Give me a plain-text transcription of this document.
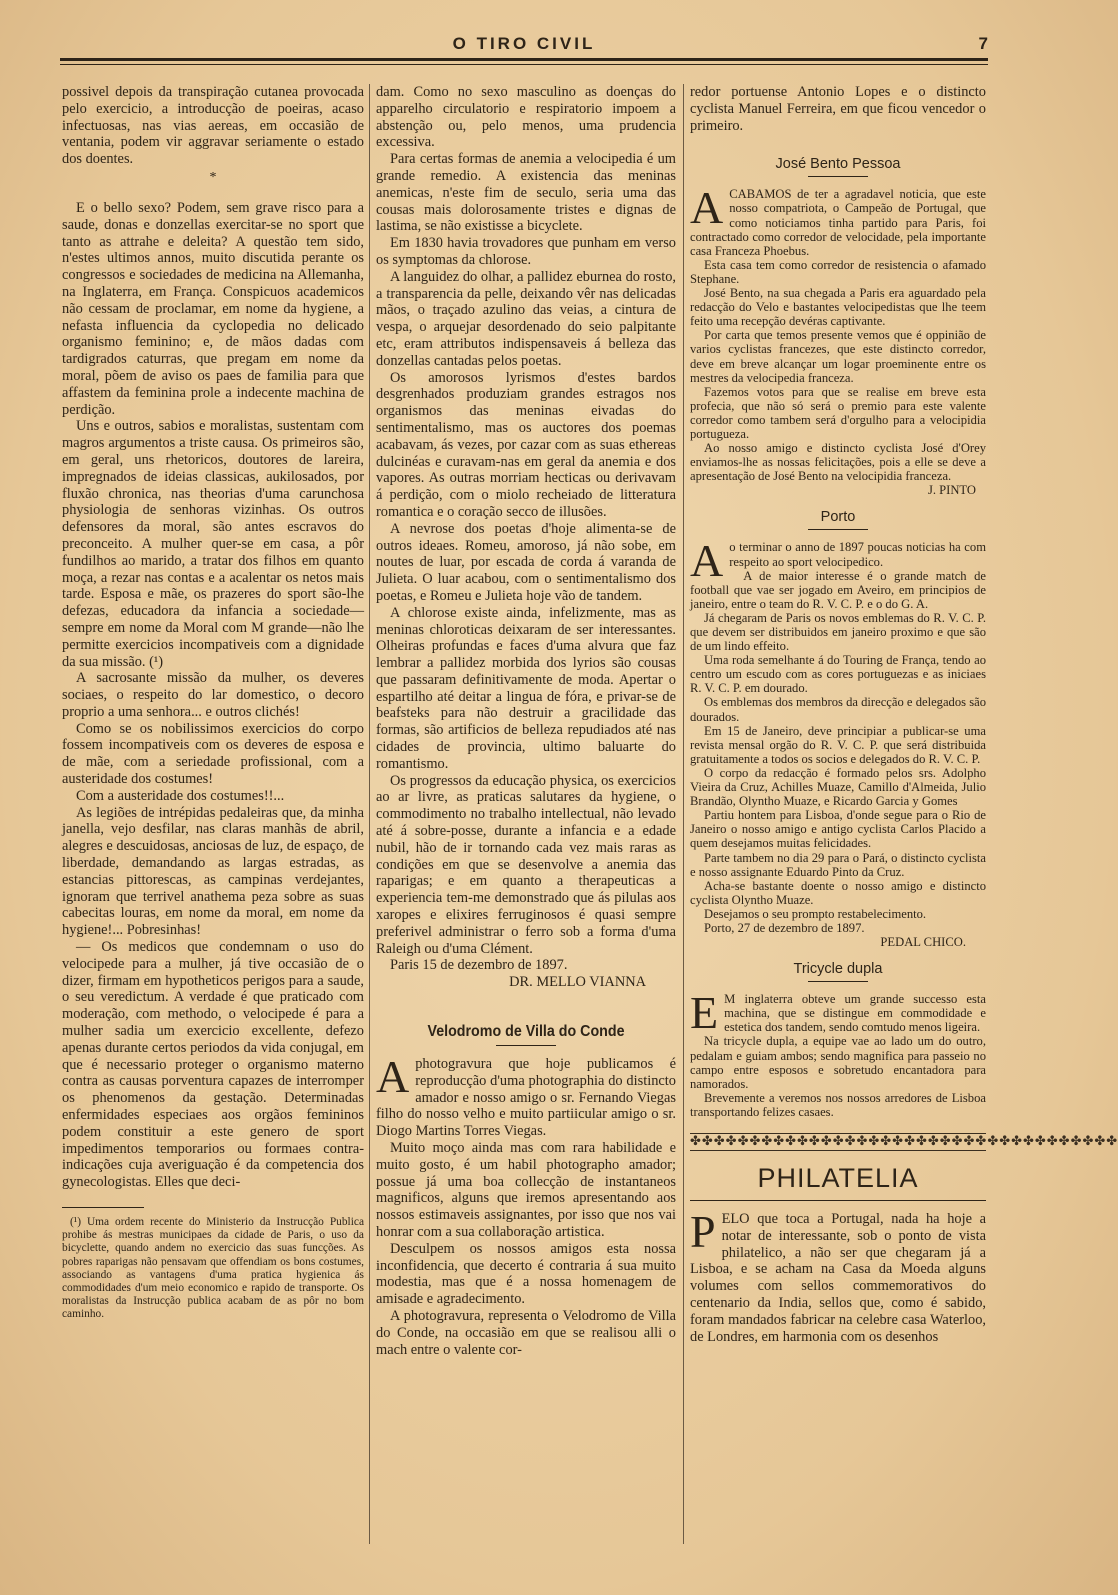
O TIRO CIVIL	7

possivel depois da transpiração cutanea provocada pelo exercicio, a introducção de poeiras, acaso infectuosas, nas vias aereas, em occasião de ventania, podem vir aggravar seriamente o estado dos doentes.

*

E o bello sexo? Podem, sem grave risco para a saude, donas e donzellas exercitar-se no sport que tanto as attrahe e deleita? A questão tem sido, n'estes ultimos annos, muito discutida perante os congressos e sociedades de medicina na Allemanha, na Inglaterra, em França. Conspicuos academicos não cessam de proclamar, em nome da hygiene, a nefasta influencia da cyclopedia no delicado organismo feminino; e, de mãos dadas com tardigrados caturras, que pregam em nome da moral, põem de aviso os paes de familia para que affastem da feminina prole a indecente machina de perdição.

Uns e outros, sabios e moralistas, sustentam com magros argumentos a triste causa. Os primeiros são, em geral, uns rhetoricos, doutores de lareira, impregnados de ideias classicas, aukilosados, por fluxão chronica, nas theorias d'uma carunchosa physiologia de senhoras vizinhas. Os outros defensores da moral, são antes escravos do preconceito. A mulher quer-se em casa, a pôr fundilhos ao marido, a tratar dos filhos em quanto moça, a rezar nas contas e a acalentar os netos mais tarde. Esposa e mãe, os prazeres do sport são-lhe defezas, educadora da infancia a sociedade—sempre em nome da Moral com M grande—não lhe permitte exercicios incompativeis com a dignidade da sua missão. (¹)

A sacrosante missão da mulher, os deveres sociaes, o respeito do lar domestico, o decoro proprio a uma senhora... e outros clichés!

Como se os nobilissimos exercicios do corpo fossem incompativeis com os deveres de esposa e de mãe, com a seriedade profissional, com a austeridade dos costumes!

Com a austeridade dos costumes!!...

As legiões de intrépidas pedaleiras que, da minha janella, vejo desfilar, nas claras manhãs de abril, alegres e descuidosas, anciosas de luz, de espaço, de liberdade, demandando as largas estradas, as estancias pittorescas, as campinas verdejantes, ignoram que terrivel anathema peza sobre as suas cabecitas louras, em nome da moral, em nome da hygiene!... Pobresinhas!

— Os medicos que condemnam o uso do velocipede para a mulher, já tive occasião de o dizer, firmam em hypotheticos perigos para a saude, o seu veredictum. A verdade é que praticado com moderação, com methodo, o velocipede é para a mulher sadia um exercicio excellente, defezo apenas durante certos periodos da vida conjugal, em que é necessario proteger o organismo materno contra as causas porventura capazes de interromper os phenomenos da gestação. Determinadas enfermidades especiaes aos orgãos femininos podem constituir a este genero de sport impedimentos temporarios ou formaes contra-indicações cuja averiguação é da competencia dos gynecologistas. Elles que deci-

(¹) Uma ordem recente do Ministerio da Instrucção Publica prohibe ás mestras municipaes da cidade de Paris, o uso da bicyclette, quando andem no exercicio das suas funcções. As pobres raparigas não pensavam que offendiam os bons costumes, associando as vantagens d'uma pratica hygienica ás commodidades d'um meio economico e rapido de transporte. Os moralistas da Instrucção publica acabam de as pôr no bom caminho.

dam. Como no sexo masculino as doenças do apparelho circulatorio e respiratorio impoem a abstenção ou, pelo menos, uma prudencia excessiva.

Para certas formas de anemia a velocipedia é um grande remedio. A existencia das meninas anemicas, n'este fim de seculo, seria uma das cousas mais dolorosamente tristes e dignas de lastima, se não existisse a bicyclete.

Em 1830 havia trovadores que punham em verso os symptomas da chlorose.

A languidez do olhar, a pallidez eburnea do rosto, a transparencia da pelle, deixando vêr nas delicadas mãos, o traçado azulino das veias, a cintura de vespa, o arquejar desordenado do seio palpitante etc, eram attributos indispensaveis á belleza das donzellas cantadas pelos poetas.

Os amorosos lyrismos d'estes bardos desgrenhados produziam grandes estragos nos organismos das meninas eivadas do sentimentalismo, mas os auctores dos poemas acabavam, ás vezes, por cazar com as suas ethereas dulcinéas e curavam-nas em geral da anemia e dos vapores. As outras morriam hecticas ou derivavam á perdição, com o miolo recheiado de litteratura romantica e o coração secco de illusões.

A nevrose dos poetas d'hoje alimenta-se de outros ideaes. Romeu, amoroso, já não sobe, em noutes de luar, por escada de corda á varanda de Julieta. O luar acabou, com o sentimentalismo dos poetas, e Romeu e Julieta hoje vão de tandem.

A chlorose existe ainda, infelizmente, mas as meninas chloroticas deixaram de ser interessantes. Olheiras profundas e faces d'uma alvura que faz lembrar a pallidez morbida dos lyrios são cousas que passaram definitivamente de moda. Apertar o espartilho até deitar a lingua de fóra, e privar-se de beafsteks para não destruir a gracilidade das formas, são artificios de belleza repudiados até nas cidades de provincia, ultimo baluarte do romantismo.

Os progressos da educação physica, os exercicios ao ar livre, as praticas salutares da hygiene, o commodimento no trabalho intellectual, não levado até á sobre-posse, durante a infancia e a edade nubil, hão de ir tornando cada vez mais raras as condições em que se desenvolve a anemia das raparigas; e em quanto a therapeuticas a experiencia tem-me demonstrado que ás pilulas aos xaropes e elixires ferruginosos é quasi sempre preferivel administrar o ferro sob a forma d'uma Raleigh ou d'uma Clément.

Paris 15 de dezembro de 1897.

DR. MELLO VIANNA

Velodromo de Villa do Conde

Aphotogravura que hoje publicamos é reproducção d'uma photographia do distincto amador e nosso amigo o sr. Fernando Viegas filho do nosso velho e muito partiicular amigo o sr. Diogo Martins Torres Viegas.

Muito moço ainda mas com rara habilidade e muito gosto, é um habil photographo amador; possue já uma boa collecção de instantaneos magnificos, alguns que iremos apresentando aos nossos estimaveis assignantes, por isso que nos vai honrar com a sua collaboração artistica.

Desculpem os nossos amigos esta nossa inconfidencia, que decerto é contraria á sua muito modestia, mas que é a nossa homenagem de amisade e agradecimento.

A photogravura, representa o Velodromo de Villa do Conde, na occasião em que se realisou alli o mach entre o valente cor-

redor portuense Antonio Lopes e o distincto cyclista Manuel Ferreira, em que ficou vencedor o primeiro.

José Bento Pessoa

ACABAMOS de ter a agradavel noticia, que este nosso compatriota, o Campeão de Portugal, que como noticiamos tinha partido para Paris, foi contractado como corredor de velocidade, pela importante casa Franceza Phoebus.

Esta casa tem como corredor de resistencia o afamado Stephane.

José Bento, na sua chegada a Paris era aguardado pela redacção do Velo e bastantes velocipedistas que lhe teem feito uma recepção devéras captivante.

Por carta que temos presente vemos que é oppinião de varios cyclistas francezes, que este distincto corredor, deve em breve alcançar um logar proeminente entre os mestres da velocipedia franceza.

Fazemos votos para que se realise em breve esta profecia, que não só será o premio para este valente corredor como tambem será d'orgulho para a velocipidia portugueza.

Ao nosso amigo e distincto cyclista José d'Orey enviamos-lhe as nossas felicitações, pois a elle se deve a apresentação de José Bento na velocipidia franceza.

J. PINTO

Porto

Ao terminar o anno de 1897 poucas noticias ha com respeito ao sport velocipedico.

A de maior interesse é o grande match de football que vae ser jogado em Aveiro, em principios de janeiro, entre o team do R. V. C. P. e o do G. A.

Já chegaram de Paris os novos emblemas do R. V. C. P. que devem ser distribuidos em janeiro proximo e que são de um lindo effeito.

Uma roda semelhante á do Touring de França, tendo ao centro um escudo com as cores portuguezas e as iniciaes R. V. C. P. em dourado.

Os emblemas dos membros da direcção e delegados são dourados.

Em 15 de Janeiro, deve principiar a publicar-se uma revista mensal orgão do R. V. C. P. que será distribuida gratuitamente a todos os socios e delegados do R. V. C. P.

O corpo da redacção é formado pelos srs. Adolpho Vieira da Cruz, Achilles Muaze, Camillo d'Almeida, Julio Brandão, Olyntho Muaze, e Ricardo Garcia y Gomes

Partiu hontem para Lisboa, d'onde segue para o Rio de Janeiro o nosso amigo e antigo cyclista Carlos Placido a quem desejamos muitas felicidades.

Parte tambem no dia 29 para o Pará, o distincto cyclista e nosso assignante Eduardo Pinto da Cruz.

Acha-se bastante doente o nosso amigo e distincto cyclista Olyntho Muaze.

Desejamos o seu prompto restabelecimento.

Porto, 27 de dezembro de 1897.

PEDAL CHICO.

Tricycle dupla

E M inglaterra obteve um grande successo esta machina, que se distingue em commodidade e estetica dos tandem, sendo comtudo menos ligeira.

Na tricycle dupla, a equipe vae ao lado um do outro, pedalam e guiam ambos; sendo magnifica para passeio no campo entre esposos e sobretudo encantadora para namorados.

Brevemente a veremos nos nossos arredores de Lisboa transportando felizes casaes.

✤✤✤✤✤✤✤✤✤✤✤✤✤✤✤✤✤✤✤✤✤✤✤✤✤✤✤✤✤✤✤✤✤✤✤✤
PHILATELIA

PELO que toca a Portugal, nada ha hoje a notar de interessante, sob o ponto de vista philatelico, a não ser que chegaram já a Lisboa, e se acham na Casa da Moeda alguns volumes com sellos commemorativos do centenario da India, sellos que, como é sabido, foram mandados fabricar na celebre casa Waterloo, de Londres, em harmonia com os desenhos
